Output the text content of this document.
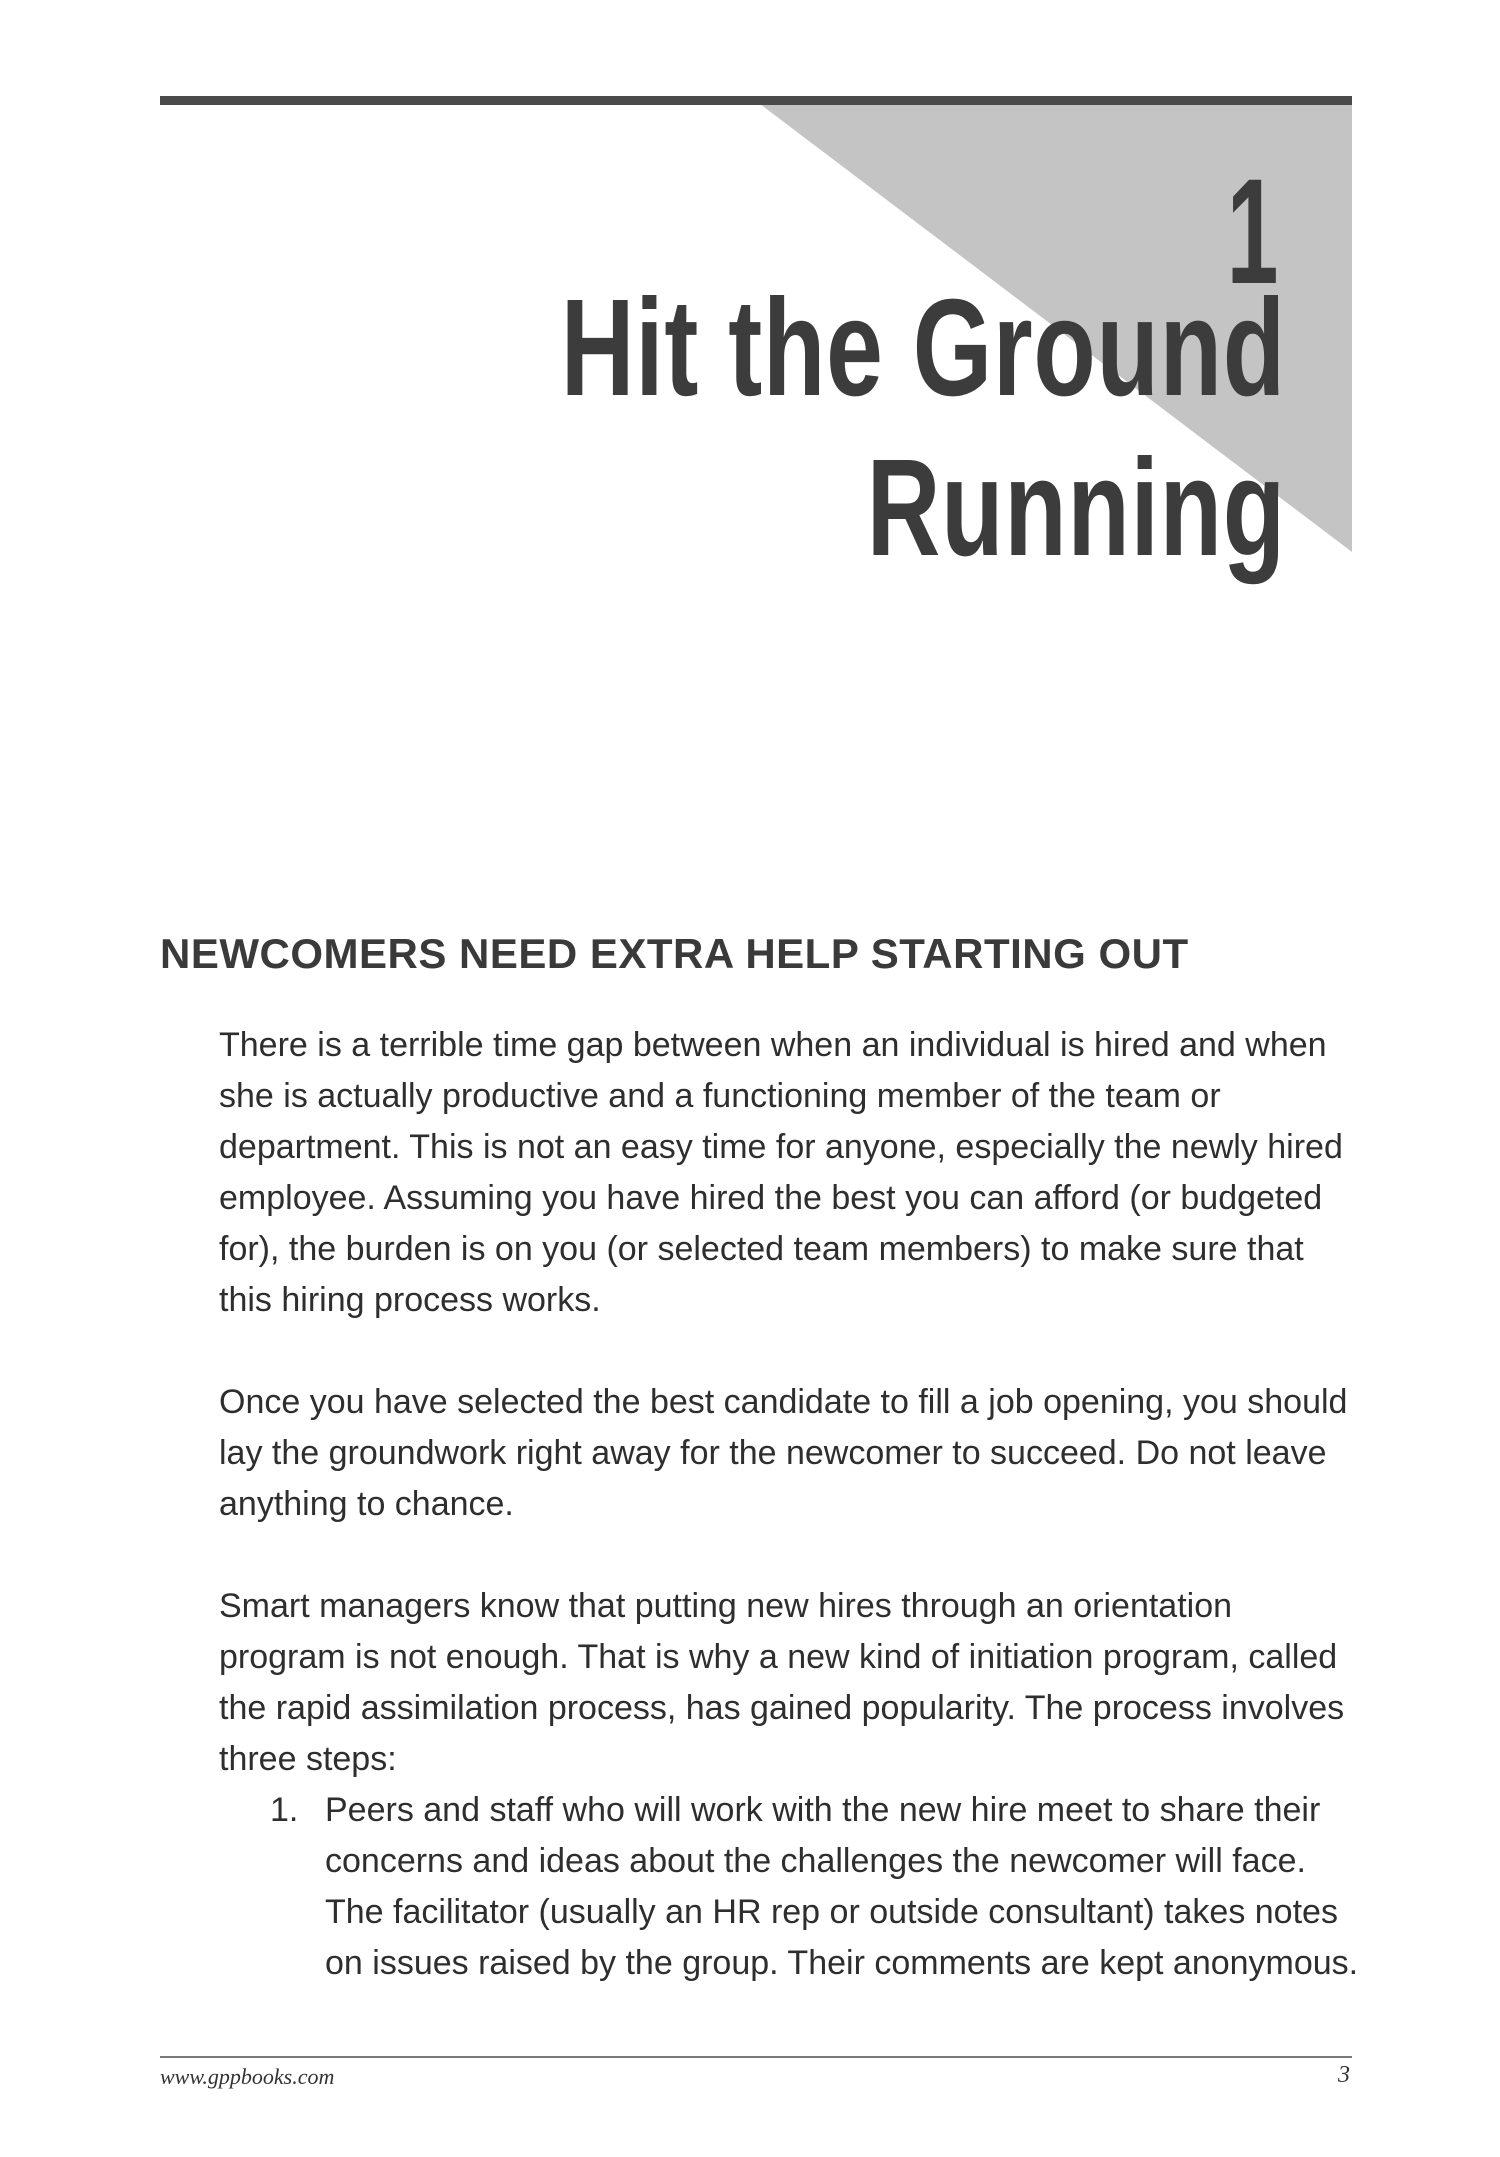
1
Hit the Ground
Running
NEWCOMERS NEED EXTRA HELP STARTING OUT

There is a terrible time gap between when an individual is hired and when she is actually productive and a functioning member of the team or department. This is not an easy time for anyone, especially the newly hired employee. Assuming you have hired the best you can afford (or budgeted for), the burden is on you (or selected team members) to make sure that this hiring process works.

Once you have selected the best candidate to fill a job opening, you should lay the groundwork right away for the newcomer to succeed. Do not leave anything to chance.

Smart managers know that putting new hires through an orientation program is not enough. That is why a new kind of initiation program, called the rapid assimilation process, has gained popularity. The process involves three steps:

1. Peers and staff who will work with the new hire meet to share their concerns and ideas about the challenges the newcomer will face. The facilitator (usually an HR rep or outside consultant) takes notes on issues raised by the group. Their comments are kept anonymous.
www.gppbooks.com	3
